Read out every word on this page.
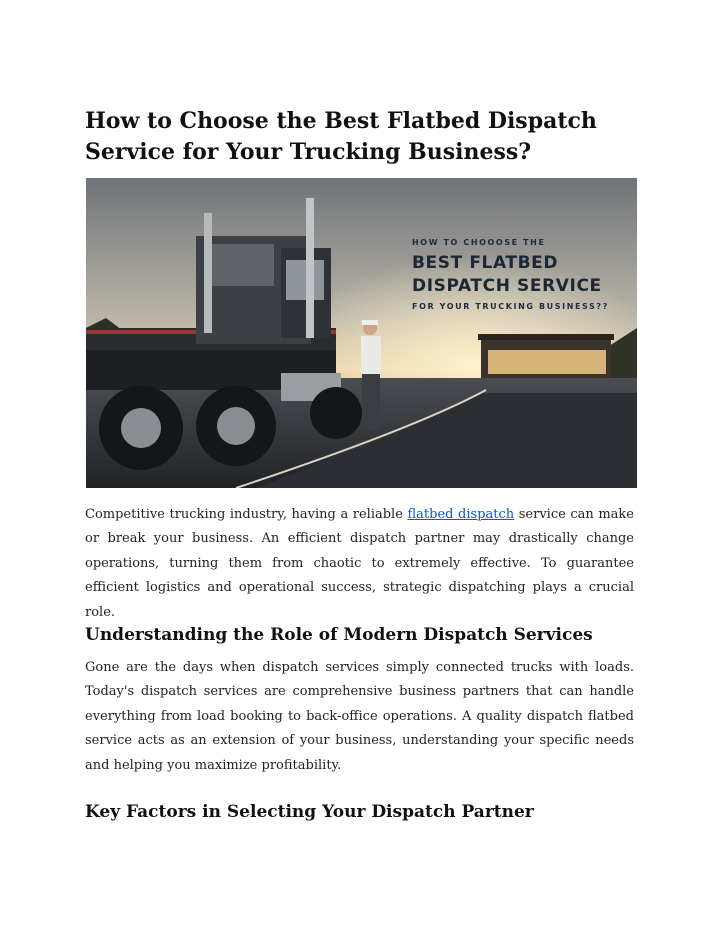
How to Choose the Best Flatbed Dispatch Service for Your Trucking Business?
HOW TO CHOOOSE THE
BEST FLATBED
DISPATCH SERVICE
FOR YOUR TRUCKING BUSINESS??

Competitive trucking industry, having a reliable flatbed dispatch service can make or break your business. An efficient dispatch partner may drastically change operations, turning them from chaotic to extremely effective. To guarantee efficient logistics and operational success, strategic dispatching plays a crucial role.

Understanding the Role of Modern Dispatch Services

Gone are the days when dispatch services simply connected trucks with loads. Today's dispatch services are comprehensive business partners that can handle everything from load booking to back-office operations. A quality dispatch flatbed service acts as an extension of your business, understanding your specific needs and helping you maximize profitability.

Key Factors in Selecting Your Dispatch Partner
